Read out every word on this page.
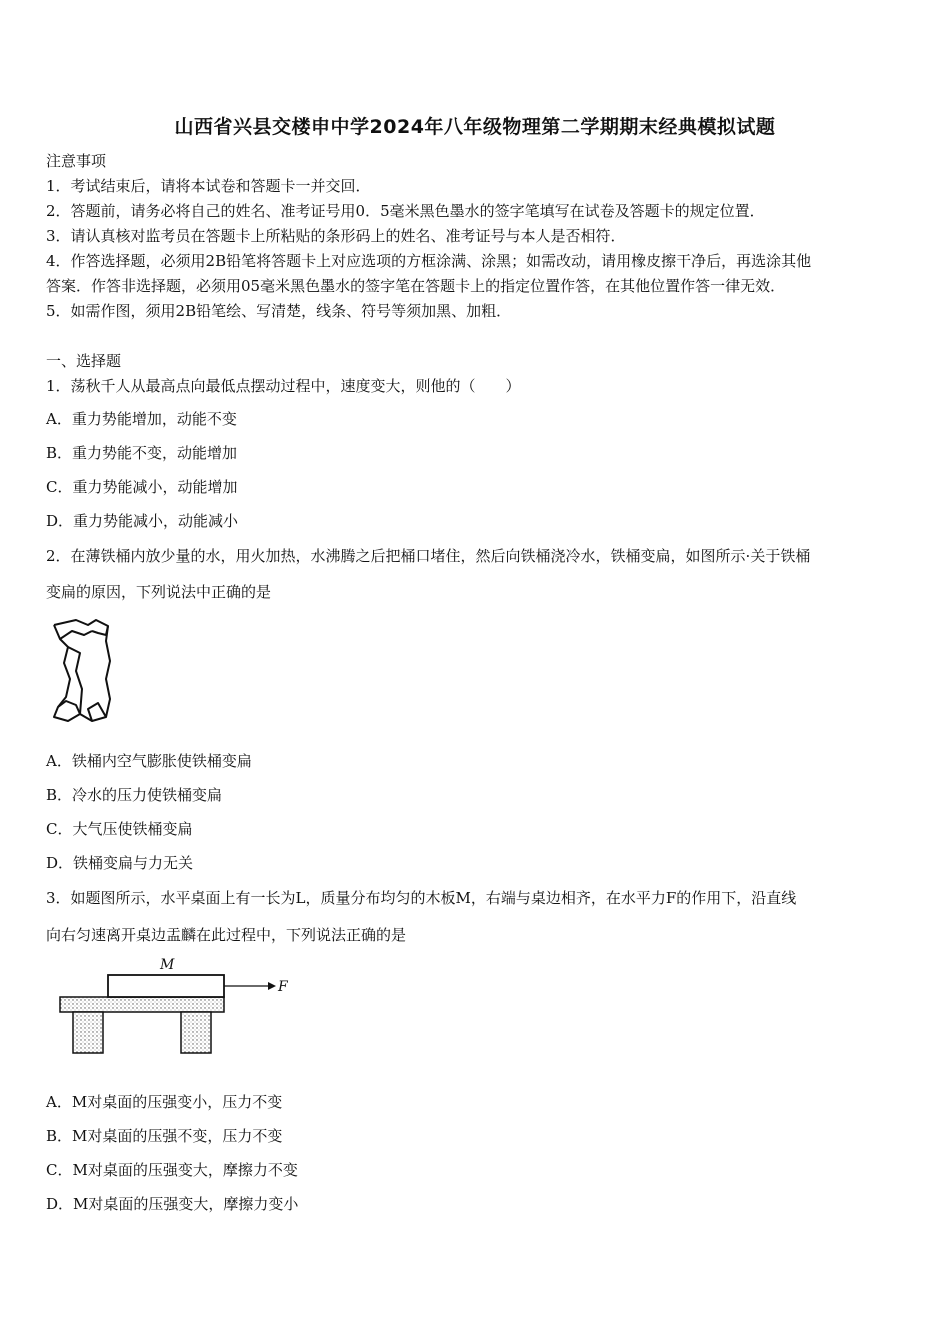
山西省兴县交楼申中学2024年八年级物理第二学期期末经典模拟试题
注意事项
1．考试结束后，请将本试卷和答题卡一并交回．
2．答题前，请务必将自己的姓名、准考证号用0．5毫米黑色墨水的签字笔填写在试卷及答题卡的规定位置．
3．请认真核对监考员在答题卡上所粘贴的条形码上的姓名、准考证号与本人是否相符．
4．作答选择题，必须用2B铅笔将答题卡上对应选项的方框涂满、涂黑；如需改动，请用橡皮擦干净后，再选涂其他
答案．作答非选择题，必须用05毫米黑色墨水的签字笔在答题卡上的指定位置作答，在其他位置作答一律无效．
5．如需作图，须用2B铅笔绘、写清楚，线条、符号等须加黑、加粗．
一、选择题
1．荡秋千人从最高点向最低点摆动过程中，速度变大，则他的（　　）
A．重力势能增加，动能不变
B．重力势能不变，动能增加
C．重力势能减小，动能增加
D．重力势能减小，动能减小
2．在薄铁桶内放少量的水，用火加热，水沸腾之后把桶口堵住，然后向铁桶浇冷水，铁桶变扁，如图所示·关于铁桶
变扁的原因，下列说法中正确的是
A．铁桶内空气膨胀使铁桶变扁
B．冷水的压力使铁桶变扁
C．大气压使铁桶变扁
D．铁桶变扁与力无关
3．如题图所示，水平桌面上有一长为L，质量分布均匀的木板M，右端与桌边相齐，在水平力F的作用下，沿直线
向右匀速离开桌边盂麟在此过程中，下列说法正确的是
M
F
A．M对桌面的压强变小，压力不变
B．M对桌面的压强不变，压力不变
C．M对桌面的压强变大，摩擦力不变
D．M对桌面的压强变大，摩擦力变小
